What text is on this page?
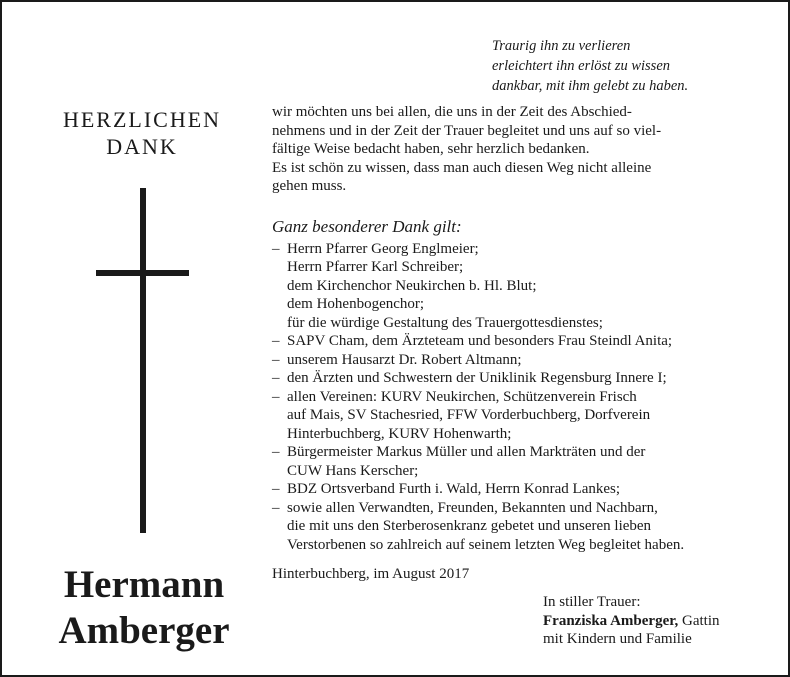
Traurig ihn zu verlieren
erleichtert ihn erlöst zu wissen
dankbar, mit ihm gelebt zu haben.
HERZLICHEN
DANK
Hermann
Amberger
wir möchten uns bei allen, die uns in der Zeit des Abschied-
nehmens und in der Zeit der Trauer begleitet und uns auf so viel-
fältige Weise bedacht haben, sehr herzlich bedanken.
Es ist schön zu wissen, dass man auch diesen Weg nicht alleine
gehen muss.
Ganz besonderer Dank gilt:
– Herrn Pfarrer Georg Englmeier;
Herrn Pfarrer Karl Schreiber;
dem Kirchenchor Neukirchen b. Hl. Blut;
dem Hohenbogenchor;
für die würdige Gestaltung des Trauergottesdienstes;
– SAPV Cham, dem Ärzteteam und besonders Frau Steindl Anita;
– unserem Hausarzt Dr. Robert Altmann;
– den Ärzten und Schwestern der Uniklinik Regensburg Innere I;
– allen Vereinen: KURV Neukirchen, Schützenverein Frisch
auf Mais, SV Stachesried, FFW Vorderbuchberg, Dorfverein
Hinterbuchberg, KURV Hohenwarth;
– Bürgermeister Markus Müller und allen Markträten und der
CUW Hans Kerscher;
– BDZ Ortsverband Furth i. Wald, Herrn Konrad Lankes;
– sowie allen Verwandten, Freunden, Bekannten und Nachbarn,
die mit uns den Sterberosenkranz gebetet und unseren lieben
Verstorbenen so zahlreich auf seinem letzten Weg begleitet haben.
Hinterbuchberg, im August 2017
In stiller Trauer:
Franziska Amberger, Gattin
mit Kindern und Familie
